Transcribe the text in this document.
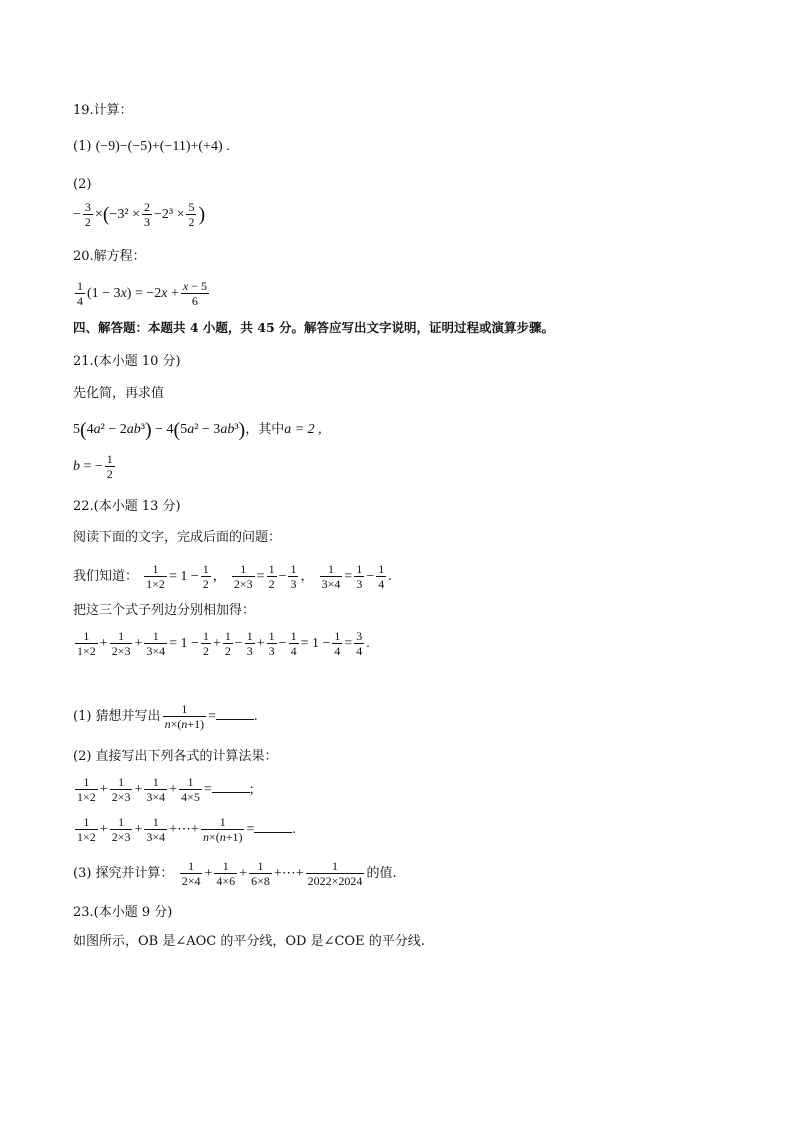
19.计算：
(1) (−9)−(−5)+(−11)+(+4) .
(2)
− $\frac{3}{2} \times(-3^2 \times \frac{2}{3} -2^3 \times \frac{5}{2}$ )
20.解方程：
$\frac{1}{4} (1 - 3x) = -2x + \frac{x - 5}{6}$
四、解答题：本题共 4 小题，共 45 分。解答应写出文字说明，证明过程或演算步骤。
21.(本小题 10 分)
先化简，再求值
5(4a² − 2ab³) − 4(5a² − 3ab³)，其中a = 2 ,
b = − $\frac{1}{2}$
22.(本小题 13 分)
阅读下面的文字，完成后面的问题：
我们知道： $\frac{1}{1\times 2} = 1 - \frac{1}{2}$ ， $\frac{1}{2\times 3} = \frac{1}{2} - \frac{1}{3}$ ， $\frac{1}{3\times 4} = \frac{1}{3} - \frac{1}{4}$ .
把这三个式子列边分别相加得：
$\frac{1}{1\times 2} + \frac{1}{2\times 3} + \frac{1}{3\times 4} = 1 - \frac{1}{2} + \frac{1}{2} - \frac{1}{3} + \frac{1}{3} - \frac{1}{4} = 1 - \frac{1}{4} = \frac{3}{4}$ .
(1) 猜想并写出 $\frac{1}{n\times(n+1)}$ =	.
(2) 直接写出下列各式的计算法果：
$\frac{1}{1\times 2} + \frac{1}{2\times 3} + \frac{1}{3\times 4} + \frac{1}{4\times 5}$ =	;
$\frac{1}{1\times 2} + \frac{1}{2\times 3} + \frac{1}{3\times 4}$ +⋯+ $\frac{1}{n\times(n+1)}$ =	.
(3) 探究并计算： $\frac{1}{2\times 4} + \frac{1}{4\times 6} + \frac{1}{6\times 8}$ +⋯+ $\frac{1}{2022\times 2024}$ 的值.
23.(本小题 9 分)
如图所示，OB 是∠AOC 的平分线，OD 是∠COE 的平分线.
